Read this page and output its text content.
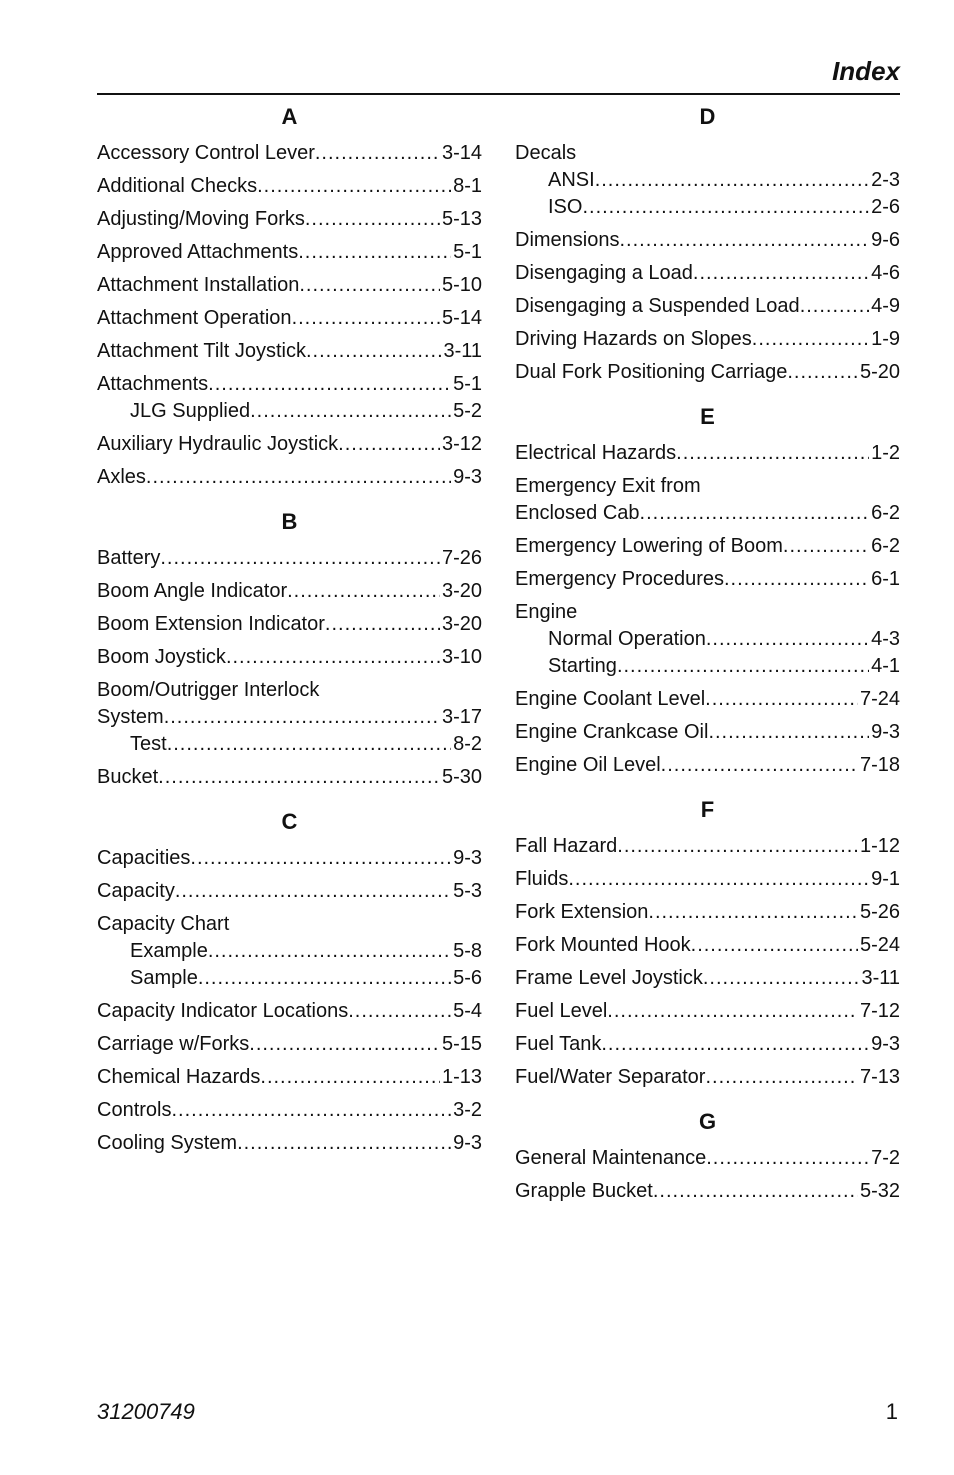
Index
A
Accessory Control Lever .....	3-14
Additional Checks .....	8-1
Adjusting/Moving Forks .....	5-13
Approved Attachments .....	5-1
Attachment Installation .....	5-10
Attachment Operation .....	5-14
Attachment Tilt Joystick .....	3-11
Attachments .....	5-1
JLG Supplied .....	5-2
Auxiliary Hydraulic Joystick .....	3-12
Axles .....	9-3
B
Battery .....	7-26
Boom Angle Indicator .....	3-20
Boom Extension Indicator .....	3-20
Boom Joystick .....	3-10
Boom/Outrigger Interlock
System .....	3-17
Test .....	8-2
Bucket .....	5-30
C
Capacities .....	9-3
Capacity .....	5-3
Capacity Chart
Example .....	5-8
Sample .....	5-6
Capacity Indicator Locations .....	5-4
Carriage w/Forks .....	5-15
Chemical Hazards .....	1-13
Controls .....	3-2
Cooling System .....	9-3
D
Decals
ANSI .....	2-3
ISO .....	2-6
Dimensions .....	9-6
Disengaging a Load .....	4-6
Disengaging a Suspended Load .....	4-9
Driving Hazards on Slopes .....	1-9
Dual Fork Positioning Carriage .....	5-20
E
Electrical Hazards .....	1-2
Emergency Exit from
Enclosed Cab .....	6-2
Emergency Lowering of Boom .....	6-2
Emergency Procedures .....	6-1
Engine
Normal Operation .....	4-3
Starting .....	4-1
Engine Coolant Level .....	7-24
Engine Crankcase Oil .....	9-3
Engine Oil Level .....	7-18
F
Fall Hazard .....	1-12
Fluids .....	9-1
Fork Extension .....	5-26
Fork Mounted Hook .....	5-24
Frame Level Joystick .....	3-11
Fuel Level .....	7-12
Fuel Tank .....	9-3
Fuel/Water Separator .....	7-13
G
General Maintenance .....	7-2
Grapple Bucket .....	5-32
31200749	1
